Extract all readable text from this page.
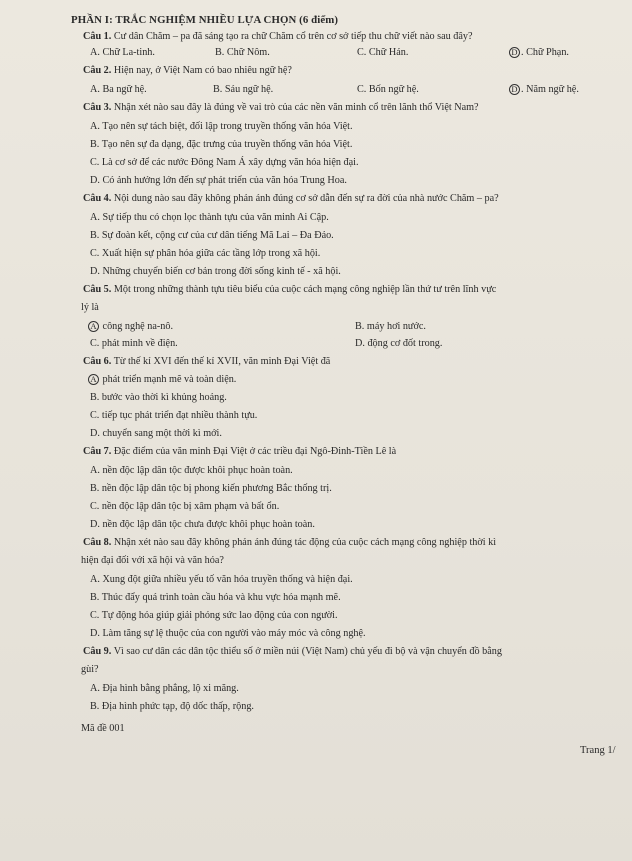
PHẦN I: TRẮC NGHIỆM NHIỀU LỰA CHỌN (6 điểm)
Câu 1. Cư dân Chăm – pa đã sáng tạo ra chữ Chăm cổ trên cơ sở tiếp thu chữ viết nào sau đây?
A. Chữ La-tinh.	B. Chữ Nôm.	C. Chữ Hán.	D . Chữ Phạn.
Câu 2. Hiện nay, ở Việt Nam có bao nhiêu ngữ hệ?
A. Ba ngữ hệ.	B. Sáu ngữ hệ.	C. Bốn ngữ hệ.	D . Năm ngữ hệ.
Câu 3. Nhận xét nào sau đây là đúng về vai trò của các nền văn minh cổ trên lãnh thổ Việt Nam?
A. Tạo nên sự tách biệt, đối lập trong truyền thống văn hóa Việt.
B. Tạo nên sự đa dạng, đặc trưng của truyền thống văn hóa Việt.
C. Là cơ sở để các nước Đông Nam Á xây dựng văn hóa hiện đại.
D. Có ảnh hưởng lớn đến sự phát triển của văn hóa Trung Hoa.
Câu 4. Nội dung nào sau đây không phản ánh đúng cơ sở dẫn đến sự ra đời của nhà nước Chăm – pa?
A. Sự tiếp thu có chọn lọc thành tựu của văn minh Ai Cập.
B. Sự đoàn kết, cộng cư của cư dân tiếng Mã Lai – Đa Đảo.
C. Xuất hiện sự phân hóa giữa các tầng lớp trong xã hội.
D. Những chuyển biến cơ bản trong đời sống kinh tế - xã hội.
Câu 5. Một trong những thành tựu tiêu biểu của cuộc cách mạng công nghiệp lần thứ tư trên lĩnh vực
lý là
A công nghệ na-nô.	B. máy hơi nước.
C. phát minh về điện.	D. động cơ đốt trong.
Câu 6. Từ thế kỉ XVI đến thế kỉ XVII, văn minh Đại Việt đã
A phát triển mạnh mẽ và toàn diện.
B. bước vào thời kì khủng hoảng.
C. tiếp tục phát triển đạt nhiều thành tựu.
D. chuyển sang một thời kì mới.
Câu 7. Đặc điểm của văn minh Đại Việt ở các triều đại Ngô-Đinh-Tiền Lê là
A. nền độc lập dân tộc được khôi phục hoàn toàn.
B. nền độc lập dân tộc bị phong kiến phương Bắc thống trị.
C. nền độc lập dân tộc bị xâm phạm và bất ổn.
D. nền độc lập dân tộc chưa được khôi phục hoàn toàn.
Câu 8. Nhận xét nào sau đây không phản ánh đúng tác động của cuộc cách mạng công nghiệp thời kì
hiện đại đối với xã hội và văn hóa?
A. Xung đột giữa nhiều yếu tố văn hóa truyền thống và hiện đại.
B. Thúc đẩy quá trình toàn cầu hóa và khu vực hóa mạnh mẽ.
C. Tự động hóa giúp giải phóng sức lao động của con người.
D. Làm tăng sự lệ thuộc của con người vào máy móc và công nghệ.
Câu 9. Vì sao cư dân các dân tộc thiểu số ở miền núi (Việt Nam) chủ yếu đi bộ và vận chuyển đồ bằng
gùi?
A. Địa hình bằng phẳng, lộ xi măng.
B. Địa hình phức tạp, độ dốc thấp, rộng.
Mã đề 001
Trang 1/
